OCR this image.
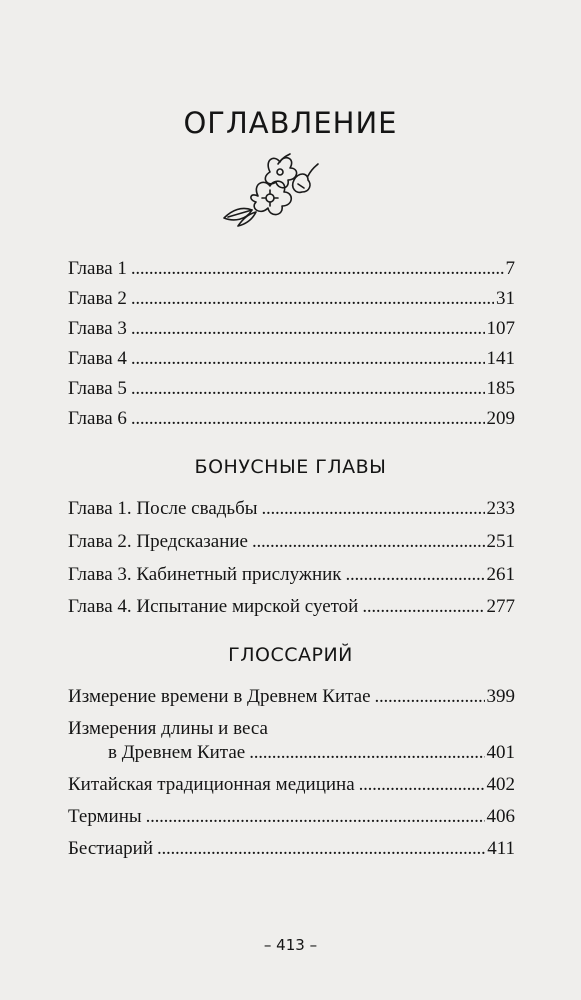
ОГЛАВЛЕНИЕ
Глава 1 . . .	7
Глава 2 . . .	31
Глава 3 . . .	107
Глава 4 . . .	141
Глава 5 . . .	185
Глава 6 . . .	209
БОНУСНЫЕ ГЛАВЫ
Глава 1. После свадьбы . . .	233
Глава 2. Предсказание . . .	251
Глава 3. Кабинетный прислужник . . .	261
Глава 4. Испытание мирской суетой . . .	277
ГЛОССАРИЙ
Измерение времени в Древнем Китае . . .	399
Измерения длины и веса
в Древнем Китае . . .	401
Китайская традиционная медицина . . .	402
Термины . . .	406
Бестиарий . . .	411
– 413 –
